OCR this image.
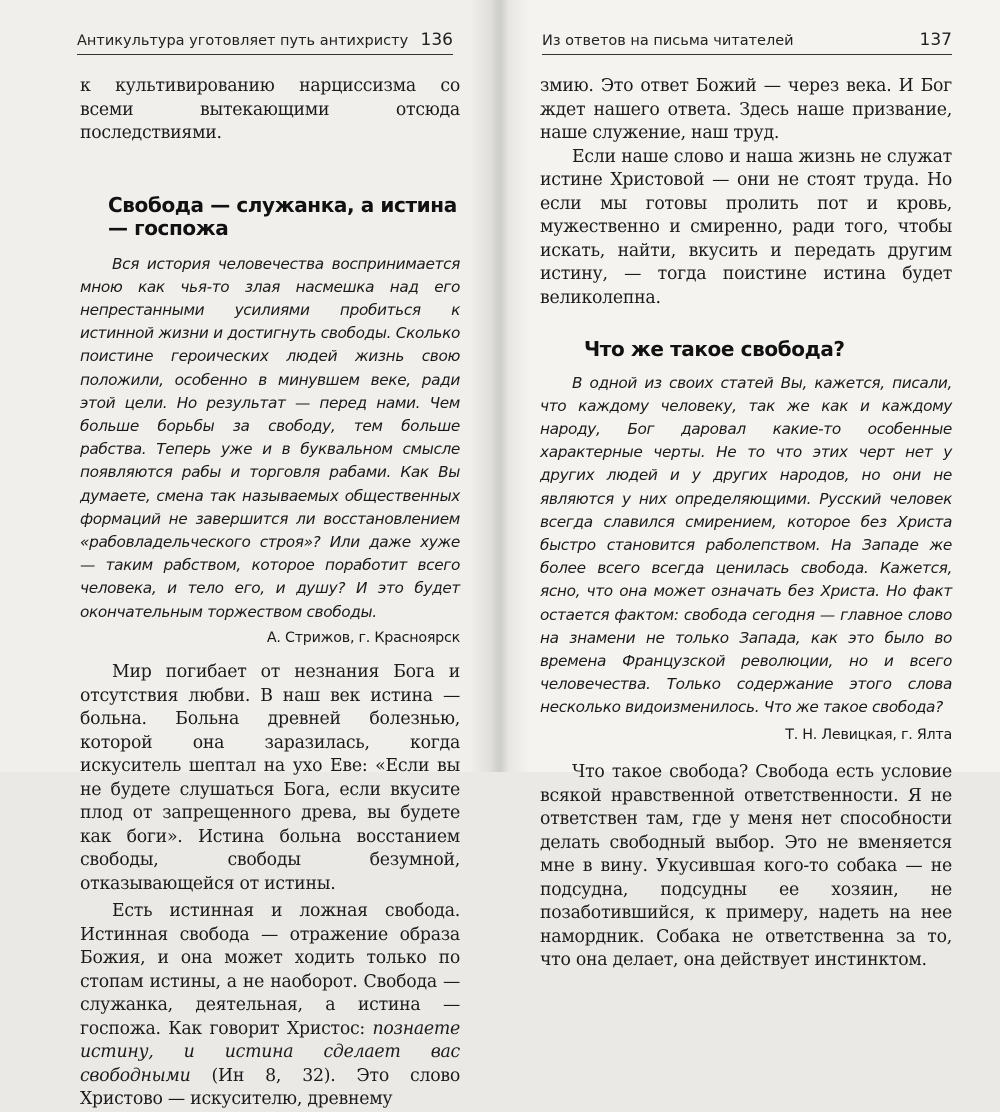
Антикультура уготовляет путь антихристу 136

к культивированию нарциссизма со всеми вытекающими отсюда последствиями.

Свобода — служанка, а истина — госпожа

Вся история человечества воспринимается мною как чья-то злая насмешка над его непрестанными усилиями пробиться к истинной жизни и достигнуть свободы. Сколько поистине героических людей жизнь свою положили, особенно в минувшем веке, ради этой цели. Но результат — перед нами. Чем больше борьбы за свободу, тем больше рабства. Теперь уже и в буквальном смысле появляются рабы и торговля рабами. Как Вы думаете, смена так называемых общественных формаций не завершится ли восстановлением «рабовладельческого строя»? Или даже хуже — таким рабством, которое поработит всего человека, и тело его, и душу? И это будет окончательным торжеством свободы.

А. Стрижов, г. Красноярск

Мир погибает от незнания Бога и отсутствия любви. В наш век истина — больна. Больна древней болезнью, которой она заразилась, когда искуситель шептал на ухо Еве: «Если вы не будете слушаться Бога, если вкусите плод от запрещенного древа, вы будете как боги». Истина больна восстанием свободы, свободы безумной, отказывающейся от истины.

Есть истинная и ложная свобода. Истинная свобода — отражение образа Божия, и она может ходить только по стопам истины, а не наоборот. Свобода — служанка, деятельная, а истина — госпожа. Как говорит Христос: познаете истину, и истина сделает вас свободными (Ин 8, 32). Это слово Христово — искусителю, древнему

Из ответов на письма читателей	137

змию. Это ответ Божий — через века. И Бог ждет нашего ответа. Здесь наше призвание, наше служение, наш труд.

Если наше слово и наша жизнь не служат истине Христовой — они не стоят труда. Но если мы готовы пролить пот и кровь, мужественно и смиренно, ради того, чтобы искать, найти, вкусить и передать другим истину, — тогда поистине истина будет великолепна.

Что же такое свобода?

В одной из своих статей Вы, кажется, писали, что каждому человеку, так же как и каждому народу, Бог даровал какие-то особенные характерные черты. Не то что этих черт нет у других людей и у других народов, но они не являются у них определяющими. Русский человек всегда славился смирением, которое без Христа быстро становится раболепством. На Западе же более всего всегда ценилась свобода. Кажется, ясно, что она может означать без Христа. Но факт остается фактом: свобода сегодня — главное слово на знамени не только Запада, как это было во времена Французской революции, но и всего человечества. Только содержание этого слова несколько видоизменилось. Что же такое свобода?

Т. Н. Левицкая, г. Ялта

Что такое свобода? Свобода есть условие всякой нравственной ответственности. Я не ответствен там, где у меня нет способности делать свободный выбор. Это не вменяется мне в вину. Укусившая кого-то собака — не подсудна, подсудны ее хозяин, не позаботившийся, к примеру, надеть на нее намордник. Собака не ответственна за то, что она делает, она действует инстинктом.
